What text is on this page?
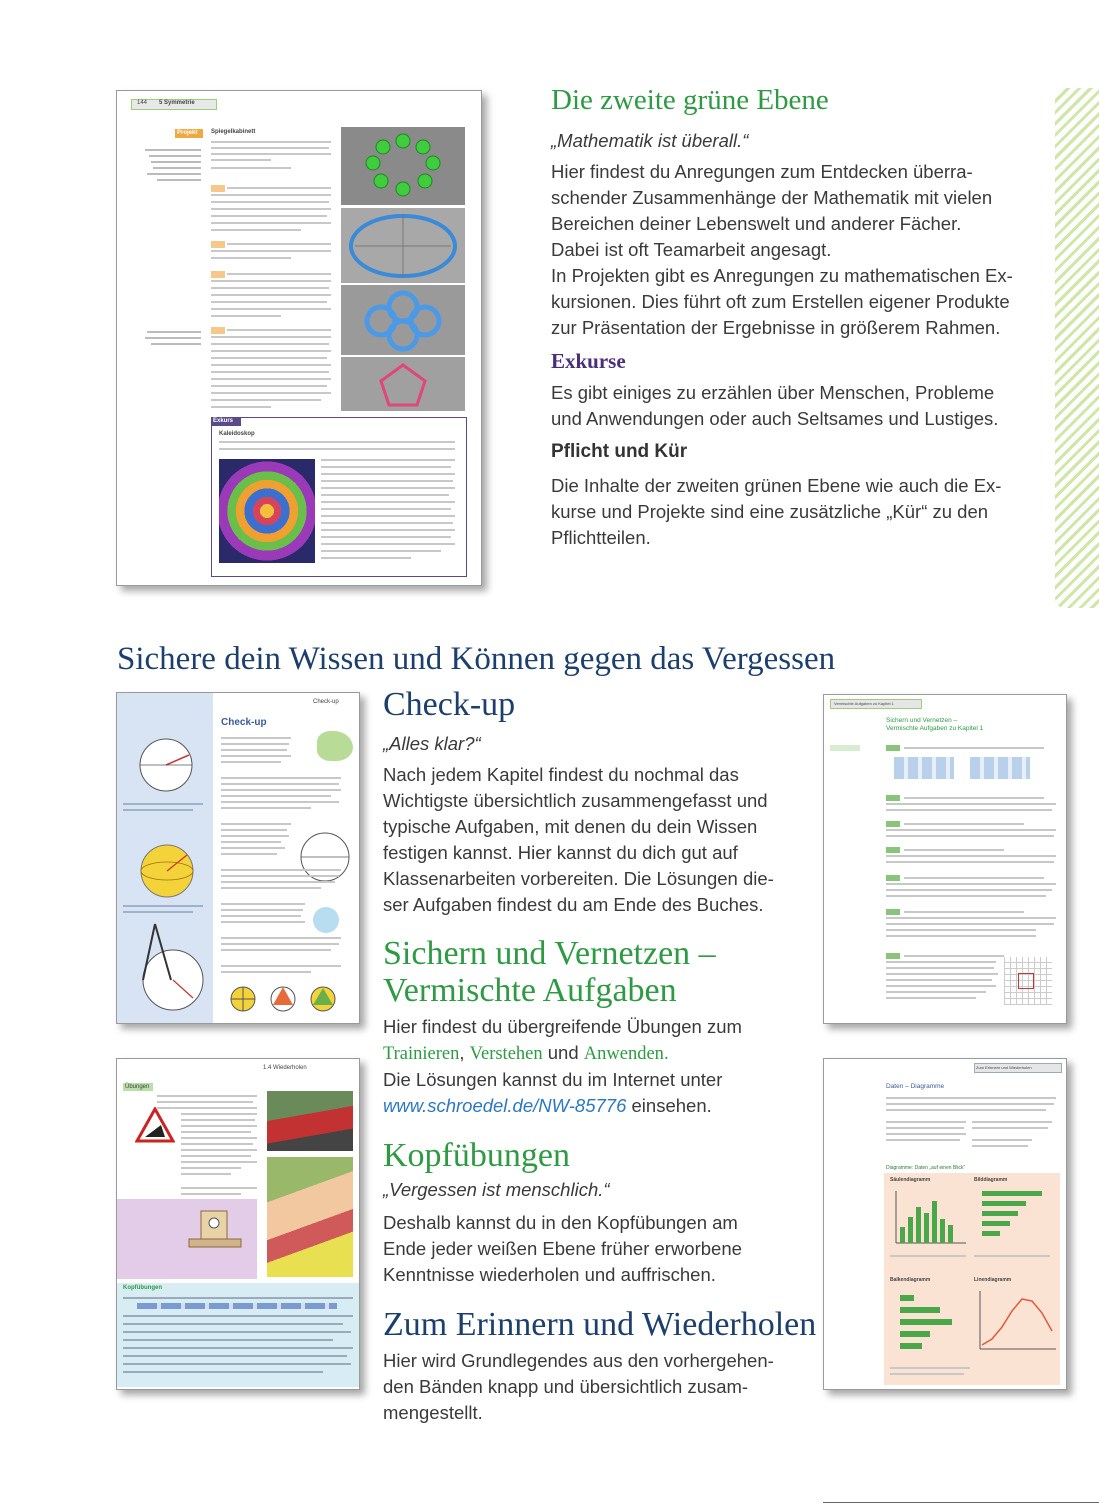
144 5 Symmetrie
Projekt Spiegelkabinett
Exkurs
Kaleidoskop
Die zweite grüne Ebene

„Mathematik ist überall.“

Hier findest du Anregungen zum Entdecken überra-

schender Zusammenhänge der Mathematik mit vielen

Bereichen deiner Lebenswelt und anderer Fächer.

Dabei ist oft Teamarbeit angesagt.

In Projekten gibt es Anregungen zu mathematischen Ex-

kursionen. Dies führt oft zum Erstellen eigener Produkte

zur Präsentation der Ergebnisse in größerem Rahmen.

Exkurse

Es gibt einiges zu erzählen über Menschen, Probleme

und Anwendungen oder auch Seltsames und Lustiges.

Pflicht und Kür

Die Inhalte der zweiten grünen Ebene wie auch die Ex-

kurse und Projekte sind eine zusätzliche „Kür“ zu den

Pflichtteilen.

Sichere dein Wissen und Können gegen das Vergessen
Check-up
Check-up	Check-up

„Alles klar?“

Nach jedem Kapitel findest du nochmal das

Wichtigste übersichtlich zusammengefasst und

typische Aufgaben, mit denen du dein Wissen

festigen kannst. Hier kannst du dich gut auf

Klassenarbeiten vorbereiten. Die Lösungen die-

ser Aufgaben findest du am Ende des Buches.

Sichern und Vernetzen –
Vermischte Aufgaben

Hier findest du übergreifende Übungen zum

Trainieren, Verstehen und Anwenden.

Die Lösungen kannst du im Internet unter

www.schroedel.de/NW-85776 einsehen.

Kopfübungen

„Vergessen ist menschlich.“

Deshalb kannst du in den Kopfübungen am

Ende jeder weißen Ebene früher erworbene

Kenntnisse wiederholen und auffrischen.

Zum Erinnern und Wiederholen

Hier wird Grundlegendes aus den vorhergehen-

den Bänden knapp und übersichtlich zusam-

mengestellt.

Vermischte Aufgaben zu Kapitel 1
Sichern und Vernetzen –
Vermischte Aufgaben zu Kapitel 1
1.4 Wiederholen
Übungen
Kopfübungen
Zum Erinnern und Wiederholen
Daten – Diagramme
Diagramme: Daten „auf einen Blick“
Säulendiagramm	Bilddiagramm
Balkendiagramm	Linendiagramm
